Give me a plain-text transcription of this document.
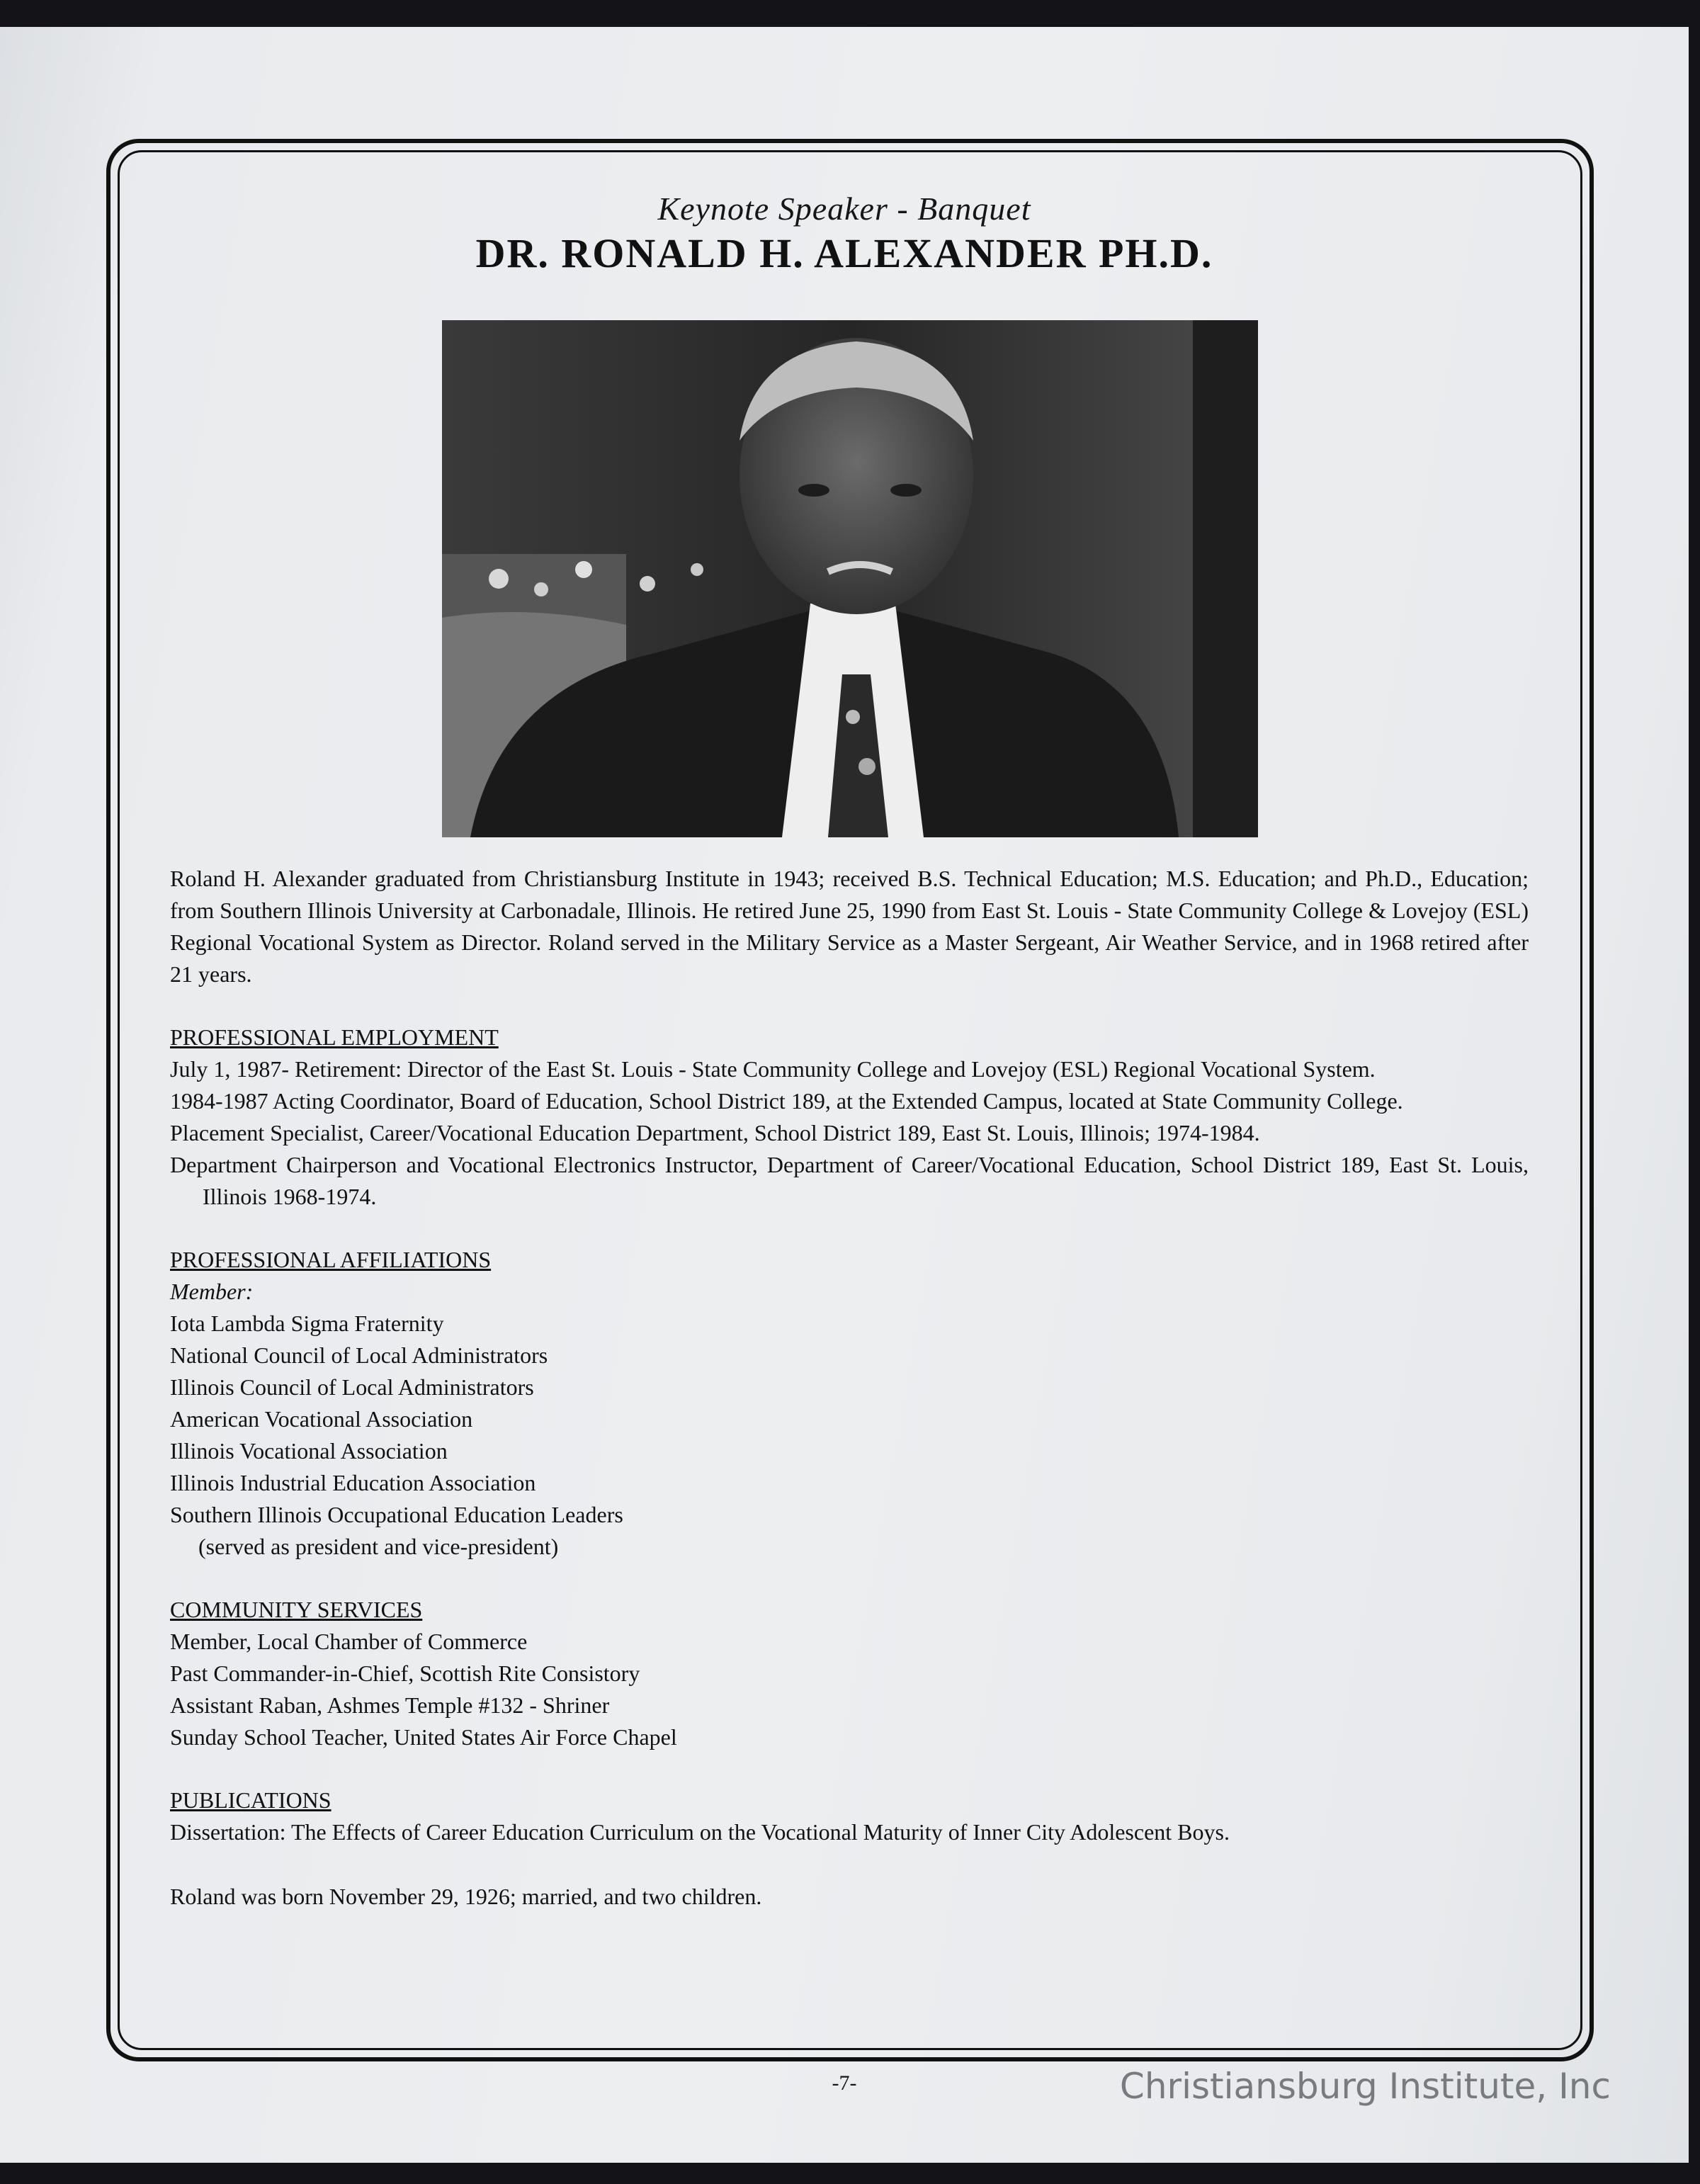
Keynote Speaker - Banquet
DR. RONALD H. ALEXANDER PH.D.

Roland H. Alexander graduated from Christiansburg Institute in 1943; received B.S. Technical Education; M.S. Education; and Ph.D., Education; from Southern Illinois University at Carbonadale, Illinois. He retired June 25, 1990 from East St. Louis - State Community College & Lovejoy (ESL) Regional Vocational System as Director. Roland served in the Military Service as a Master Sergeant, Air Weather Service, and in 1968 retired after 21 years.

PROFESSIONAL EMPLOYMENT

July 1, 1987- Retirement: Director of the East St. Louis - State Community College and Lovejoy (ESL) Regional Vocational System.

1984-1987 Acting Coordinator, Board of Education, School District 189, at the Extended Campus, located at State Community College.

Placement Specialist, Career/Vocational Education Department, School District 189, East St. Louis, Illinois; 1974-1984.

Department Chairperson and Vocational Electronics Instructor, Department of Career/Vocational Education, School District 189, East St. Louis, Illinois 1968-1974.

PROFESSIONAL AFFILIATIONS

Member:

Iota Lambda Sigma Fraternity

National Council of Local Administrators

Illinois Council of Local Administrators

American Vocational Association

Illinois Vocational Association

Illinois Industrial Education Association

Southern Illinois Occupational Education Leaders

(served as president and vice-president)

COMMUNITY SERVICES

Member, Local Chamber of Commerce

Past Commander-in-Chief, Scottish Rite Consistory

Assistant Raban, Ashmes Temple #132 - Shriner

Sunday School Teacher, United States Air Force Chapel

PUBLICATIONS

Dissertation: The Effects of Career Education Curriculum on the Vocational Maturity of Inner City Adolescent Boys.

Roland was born November 29, 1926; married, and two children.

-7-	Christiansburg Institute, Inc
